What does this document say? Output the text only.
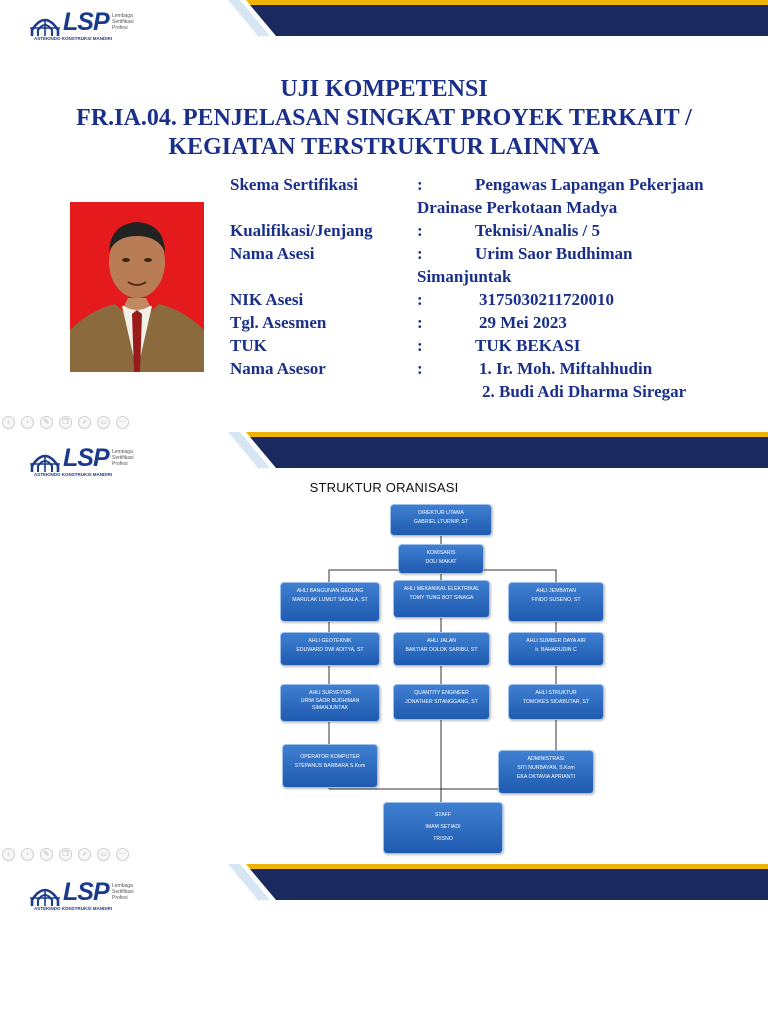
LSP Lembaga Sertifikasi Profesi
ASTEKINDO KONSTRUKSI MANDIRI
UJI KOMPETENSI
FR.IA.04. PENJELASAN SINGKAT PROYEK TERKAIT /
KEGIATAN TERSTRUKTUR LAINNYA
Skema Sertifikasi	:	Pengawas Lapangan Pekerjaan
Drainase Perkotaan Madya
Kualifikasi/Jenjang	:	Teknisi/Analis / 5
Nama Asesi	:	Urim Saor Budhiman
Simanjuntak
NIK Asesi	:	3175030211720010
Tgl. Asesmen	:	29 Mei 2023
TUK	:	TUK BEKASI
Nama Asesor	:	1. Ir. Moh. Miftahhudin
2. Budi Adi Dharma Siregar
‹	›	✎	❐	⌕	▭	⋯
LSP Lembaga Sertifikasi Profesi
ASTEKINDO KONSTRUKSI MANDIRI
STRUKTUR ORANISASI
DIREKTUR UTAMA
GABRIEL LTURNIP, ST
KOMISARIS
DOLI MAKAT
AHLI BANGUNAN GEDUNG
MARULAK LUMUT SASALA, ST
AHLI MEKANIKAL ELEKTRIKAL
TOMY TUNG BOT SINAGA
AHLI JEMBATAN
FINDO SUSENO, ST
AHLI GEOTEKNIK
EDUWARD DWI ADITYA, ST
AHLI JALAN
BAKTIAR DOLOK SARIBU, ST
AHLI SUMBER DAYA AIR
Ir. BAHARUDIN C
AHLI SURVEYOR
URIM SAOR BUDHIMAN SIMANJUNTAK
QUANTITY ENGINEER
JONATHER SITANGGANG, ST
AHLI STRUKTUR
TOMOKES SIDABUTAR, ST
OPERATOR KOMPUTER
STEPANUS BARBARA S.Kom
ADMINISTRASI
SITI NURBAYAN, S.Kom
EKA OKTAVIA APRIANTI
STAFF
IMAM SETIADI
TRISNO
‹	›	✎	❐	⌕	▭	⋯
LSP Lembaga Sertifikasi Profesi
ASTEKINDO KONSTRUKSI MANDIRI
